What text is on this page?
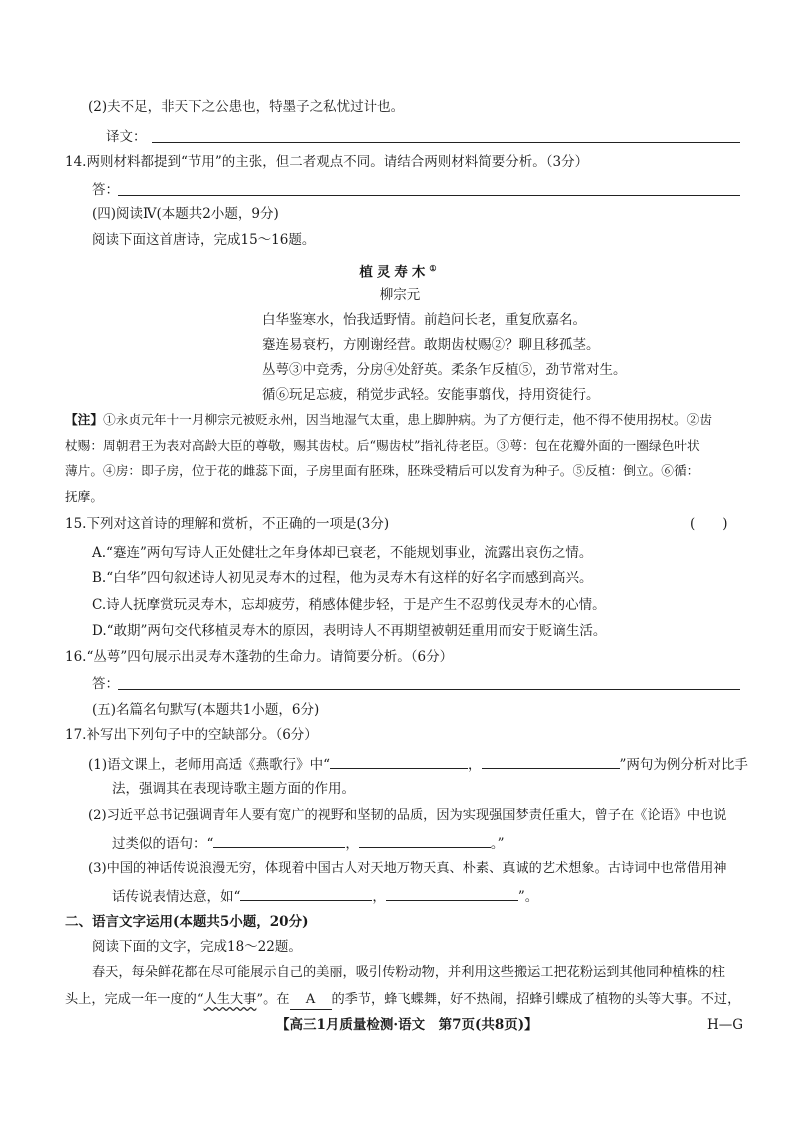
(2)夫不足，非天下之公患也，特墨子之私忧过计也。
译文：
14.两则材料都提到“节用”的主张，但二者观点不同。请结合两则材料简要分析。（3分）
答：
(四)阅读Ⅳ(本题共2小题，9分)
阅读下面这首唐诗，完成15～16题。
植灵寿木①
柳宗元
白华鉴寒水，怡我适野情。前趋问长老，重复欣嘉名。
蹇连易衰朽，方刚谢经营。敢期齿杖赐②？聊且移孤茎。
丛萼③中竞秀，分房④处舒英。柔条乍反植⑤，劲节常对生。
循⑥玩足忘疲，稍觉步武轻。安能事翦伐，持用资徒行。
【注】①永贞元年十一月柳宗元被贬永州，因当地湿气太重，患上脚肿病。为了方便行走，他不得不使用拐杖。②齿
杖赐：周朝君王为表对高龄大臣的尊敬，赐其齿杖。后“赐齿杖”指礼待老臣。③萼：包在花瓣外面的一圈绿色叶状
薄片。④房：即子房，位于花的雌蕊下面，子房里面有胚珠，胚珠受精后可以发育为种子。⑤反植：倒立。⑥循：
抚摩。
15.下列对这首诗的理解和赏析，不正确的一项是(3分)	(　　)
A.“蹇连”两句写诗人正处健壮之年身体却已衰老，不能规划事业，流露出哀伤之情。
B.“白华”四句叙述诗人初见灵寿木的过程，他为灵寿木有这样的好名字而感到高兴。
C.诗人抚摩赏玩灵寿木，忘却疲劳，稍感体健步轻，于是产生不忍剪伐灵寿木的心情。
D.“敢期”两句交代移植灵寿木的原因，表明诗人不再期望被朝廷重用而安于贬谪生活。
16.“丛萼”四句展示出灵寿木蓬勃的生命力。请简要分析。（6分）
答：
(五)名篇名句默写(本题共1小题，6分)
17.补写出下列句子中的空缺部分。（6分）
(1)语文课上，老师用高适《燕歌行》中“	，	”两句为例分析对比手
法，强调其在表现诗歌主题方面的作用。
(2)习近平总书记强调青年人要有宽广的视野和坚韧的品质，因为实现强国梦责任重大，曾子在《论语》中也说
过类似的语句：“	，	。”
(3)中国的神话传说浪漫无穷，体现着中国古人对天地万物天真、朴素、真诚的艺术想象。古诗词中也常借用神
话传说表情达意，如“	，	”。
二、语言文字运用(本题共5小题，20分)
阅读下面的文字，完成18～22题。
春天，每朵鲜花都在尽可能展示自己的美丽，吸引传粉动物，并利用这些搬运工把花粉运到其他同种植株的柱
头上，完成一年一度的“人生大事”。在 A 的季节，蜂飞蝶舞，好不热闹，招蜂引蝶成了植物的头等大事。不过，
【高三1月质量检测·语文　第7页(共8页)】	H—G
